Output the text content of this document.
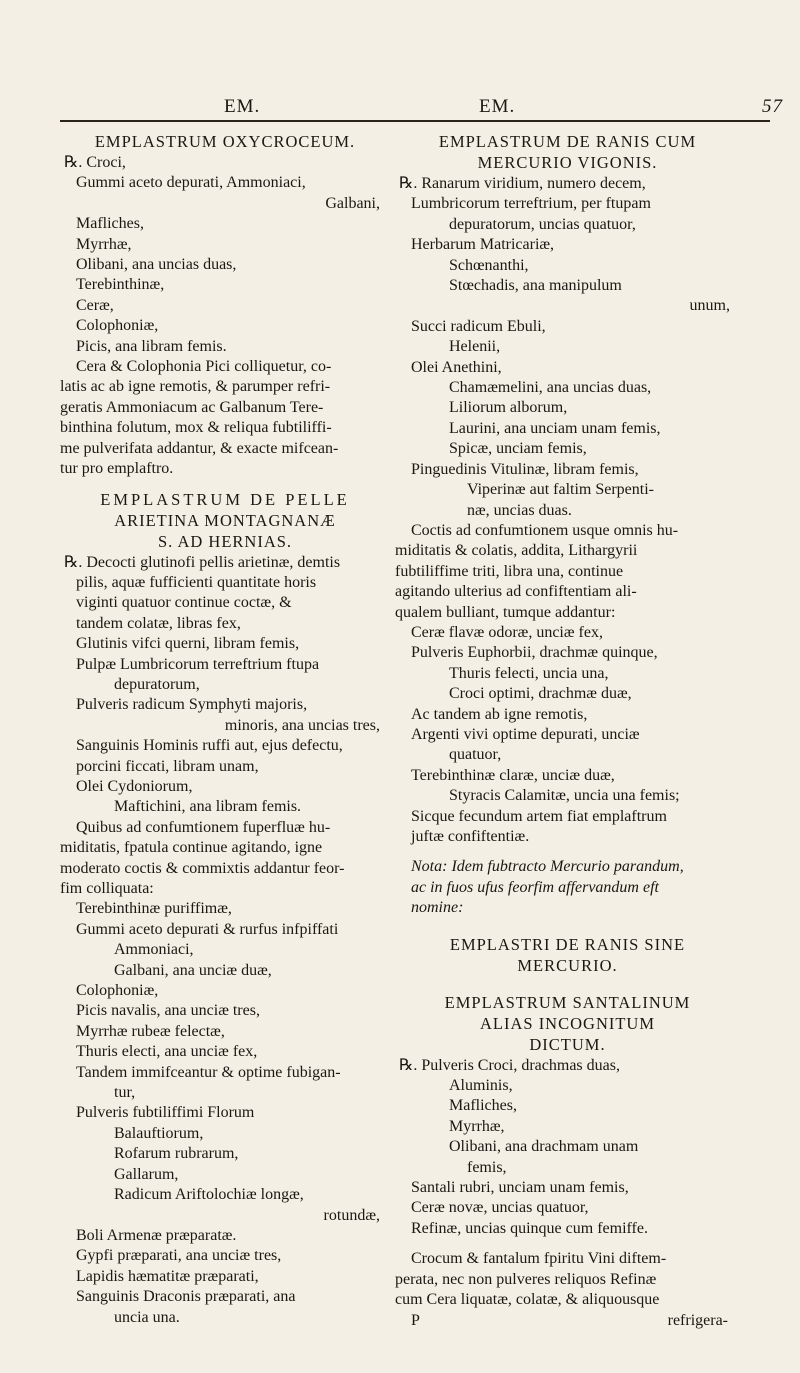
EM.	EM.	57
EMPLASTRUM OXYCROCEUM.
℞. Croci,
Gummi aceto depurati, Ammoniaci,
Galbani,
Mafliches,
Myrrhæ,
Olibani, ana uncias duas,
Terebinthinæ,
Ceræ,
Colophoniæ,
Picis, ana libram femis.
Cera & Colophonia Pici colliquetur, co-
latis ac ab igne remotis, & parumper refri-
geratis Ammoniacum ac Galbanum Tere-
binthina folutum, mox & reliqua fubtiliffi-
me pulverifata addantur, & exacte mifcean-
tur pro emplaftro.
EMPLASTRUM DE PELLE
ARIETINA MONTAGNANÆ
S. AD HERNIAS.
℞. Decocti glutinofi pellis arietinæ, demtis
pilis, aquæ fufficienti quantitate horis
viginti quatuor continue coctæ, &
tandem colatæ, libras fex,
Glutinis vifci querni, libram femis,
Pulpæ Lumbricorum terreftrium ftupa
depuratorum,
Pulveris radicum Symphyti majoris,
minoris, ana uncias tres,
Sanguinis Hominis ruffi aut, ejus defectu,
porcini ficcati, libram unam,
Olei Cydoniorum,
Maftichini, ana libram femis.
Quibus ad confumtionem fuperfluæ hu-
miditatis, fpatula continue agitando, igne
moderato coctis & commixtis addantur feor-
fim colliquata:
Terebinthinæ puriffimæ,
Gummi aceto depurati & rurfus infpiffati
Ammoniaci,
Galbani, ana unciæ duæ,
Colophoniæ,
Picis navalis, ana unciæ tres,
Myrrhæ rubeæ felectæ,
Thuris electi, ana unciæ fex,
Tandem immifceantur & optime fubigan-
tur,
Pulveris fubtiliffimi Florum
Balauftiorum,
Rofarum rubrarum,
Gallarum,
Radicum Ariftolochiæ longæ,
rotundæ,
Boli Armenæ præparatæ.
Gypfi præparati, ana unciæ tres,
Lapidis hæmatitæ præparati,
Sanguinis Draconis præparati, ana
uncia una.
EMPLASTRUM DE RANIS CUM
MERCURIO VIGONIS.
℞. Ranarum viridium, numero decem,
Lumbricorum terreftrium, per ftupam
depuratorum, uncias quatuor,
Herbarum Matricariæ,
Schœnanthi,
Stœchadis, ana manipulum
unum,
Succi radicum Ebuli,
Helenii,
Olei Anethini,
Chamæmelini, ana uncias duas,
Liliorum alborum,
Laurini, ana unciam unam femis,
Spicæ, unciam femis,
Pinguedinis Vitulinæ, libram femis,
Viperinæ aut faltim Serpenti-
næ, uncias duas.
Coctis ad confumtionem usque omnis hu-
miditatis & colatis, addita, Lithargyrii
fubtiliffime triti, libra una, continue
agitando ulterius ad confiftentiam ali-
qualem bulliant, tumque addantur:
Ceræ flavæ odoræ, unciæ fex,
Pulveris Euphorbii, drachmæ quinque,
Thuris felecti, uncia una,
Croci optimi, drachmæ duæ,
Ac tandem ab igne remotis,
Argenti vivi optime depurati, unciæ
quatuor,
Terebinthinæ claræ, unciæ duæ,
Styracis Calamitæ, uncia una femis;
Sicque fecundum artem fiat emplaftrum
juftæ confiftentiæ.
Nota: Idem fubtracto Mercurio parandum,
ac in fuos ufus feorfim affervandum eft
nomine:
EMPLASTRI DE RANIS SINE
MERCURIO.
EMPLASTRUM SANTALINUM
ALIAS INCOGNITUM
DICTUM.
℞. Pulveris Croci, drachmas duas,
Aluminis,
Mafliches,
Myrrhæ,
Olibani, ana drachmam unam
femis,
Santali rubri, unciam unam femis,
Ceræ novæ, uncias quatuor,
Refinæ, uncias quinque cum femiffe.
Crocum & fantalum fpiritu Vini diftem-
perata, nec non pulveres reliquos Refinæ
cum Cera liquatæ, colatæ, & aliquousque
P	refrigera-
